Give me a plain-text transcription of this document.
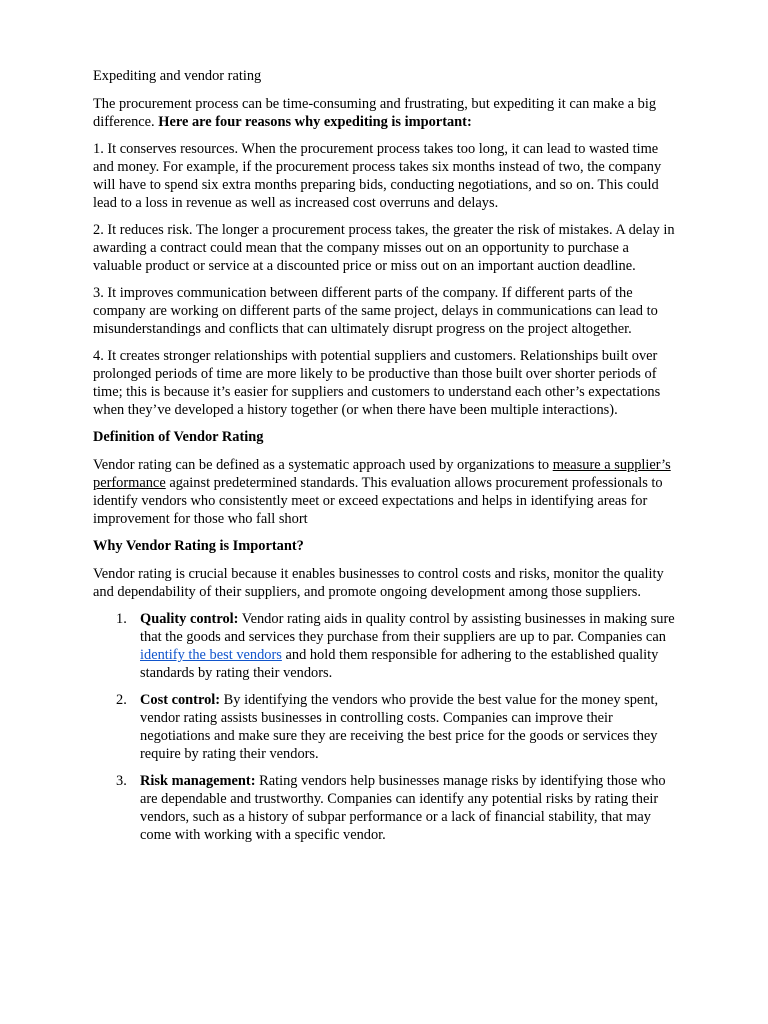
Expediting and vendor rating

The procurement process can be time-consuming and frustrating, but expediting it can make a big difference. Here are four reasons why expediting is important:

1. It conserves resources. When the procurement process takes too long, it can lead to wasted time and money. For example, if the procurement process takes six months instead of two, the company will have to spend six extra months preparing bids, conducting negotiations, and so on. This could lead to a loss in revenue as well as increased cost overruns and delays.

2. It reduces risk. The longer a procurement process takes, the greater the risk of mistakes. A delay in awarding a contract could mean that the company misses out on an opportunity to purchase a valuable product or service at a discounted price or miss out on an important auction deadline.

3. It improves communication between different parts of the company. If different parts of the company are working on different parts of the same project, delays in communications can lead to misunderstandings and conflicts that can ultimately disrupt progress on the project altogether.

4. It creates stronger relationships with potential suppliers and customers. Relationships built over prolonged periods of time are more likely to be productive than those built over shorter periods of time; this is because it’s easier for suppliers and customers to understand each other’s expectations when they’ve developed a history together (or when there have been multiple interactions).

Definition of Vendor Rating

Vendor rating can be defined as a systematic approach used by organizations to measure a supplier’s performance against predetermined standards. This evaluation allows procurement professionals to identify vendors who consistently meet or exceed expectations and helps in identifying areas for improvement for those who fall short

Why Vendor Rating is Important?

Vendor rating is crucial because it enables businesses to control costs and risks, monitor the quality and dependability of their suppliers, and promote ongoing development among those suppliers.

1. Quality control: Vendor rating aids in quality control by assisting businesses in making sure that the goods and services they purchase from their suppliers are up to par. Companies can identify the best vendors and hold them responsible for adhering to the established quality standards by rating their vendors.
2. Cost control: By identifying the vendors who provide the best value for the money spent, vendor rating assists businesses in controlling costs. Companies can improve their negotiations and make sure they are receiving the best price for the goods or services they require by rating their vendors.
3. Risk management: Rating vendors help businesses manage risks by identifying those who are dependable and trustworthy. Companies can identify any potential risks by rating their vendors, such as a history of subpar performance or a lack of financial stability, that may come with working with a specific vendor.
